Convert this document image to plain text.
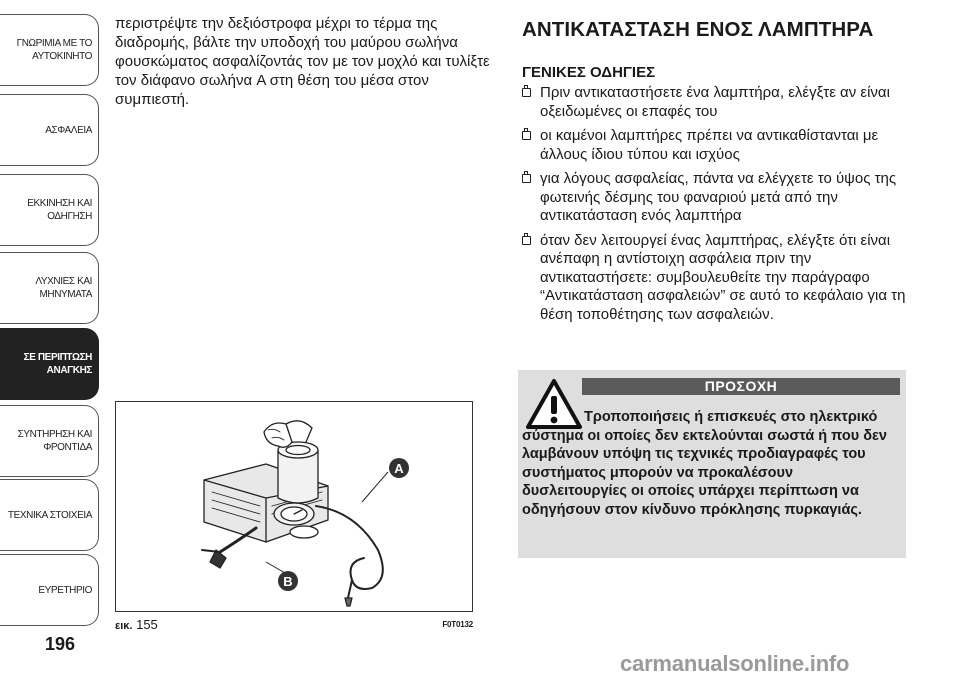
ΓΝΩΡΙΜΙΑ ΜΕ ΤΟ
ΑΥΤΟΚΙΝΗΤΟ
ΑΣΦΑΛΕΙΑ
ΕΚΚΙΝΗΣΗ ΚΑΙ
ΟΔΗΓΗΣΗ
ΛΥΧΝΙΕΣ ΚΑΙ
ΜΗΝΥΜΑΤΑ
ΣΕ ΠΕΡΙΠΤΩΣΗ
ΑΝΑΓΚΗΣ
ΣΥΝΤΗΡΗΣΗ ΚΑΙ
ΦΡΟΝΤΙΔΑ
ΤΕΧΝΙΚΑ ΣΤΟΙΧΕΙΑ
ΕΥΡΕΤΗΡΙΟ
196

περιστρέψτε την δεξιόστροφα μέχρι το τέρμα της διαδρομής, βάλτε την υποδοχή του μαύρου σωλήνα φουσκώματος ασφαλίζοντάς τον με τον μοχλό και τυλίξτε τον διάφανο σωλήνα A στη θέση του μέσα στον συμπιεστή.

A
B
εικ. 155	F0T0132
ΑΝΤΙΚΑΤΑΣΤΑΣΗ ΕΝΟΣ ΛΑΜΠΤΗΡΑ
ΓΕΝΙΚΕΣ ΟΔΗΓΙΕΣ
Πριν αντικαταστήσετε ένα λαμπτήρα, ελέγξτε αν είναι οξειδωμένες οι επαφές του
οι καμένοι λαμπτήρες πρέπει να αντικαθίστανται με άλλους ίδιου τύπου και ισχύος
για λόγους ασφαλείας, πάντα να ελέγχετε το ύψος της φωτεινής δέσμης του φαναριού μετά από την αντικατάσταση ενός λαμπτήρα
όταν δεν λειτουργεί ένας λαμπτήρας, ελέγξτε ότι είναι ανέπαφη η αντίστοιχη ασφάλεια πριν την αντικαταστήσετε: συμβουλευθείτε την παράγραφο “Αντικατάσταση ασφαλειών” σε αυτό το κεφάλαιο για τη θέση τοποθέτησης των ασφαλειών.
ΠΡΟΣΟΧΗ

Τροποποιήσεις ή επισκευές στο ηλεκτρικό σύστημα οι οποίες δεν εκτελούνται σωστά ή που δεν λαμβάνουν υπόψη τις τεχνικές προδιαγραφές του συστήματος μπορούν να προκαλέσουν δυσλειτουργίες οι οποίες υπάρχει περίπτωση να οδηγήσουν στον κίνδυνο πρόκλησης πυρκαγιάς.

carmanualsonline.info
